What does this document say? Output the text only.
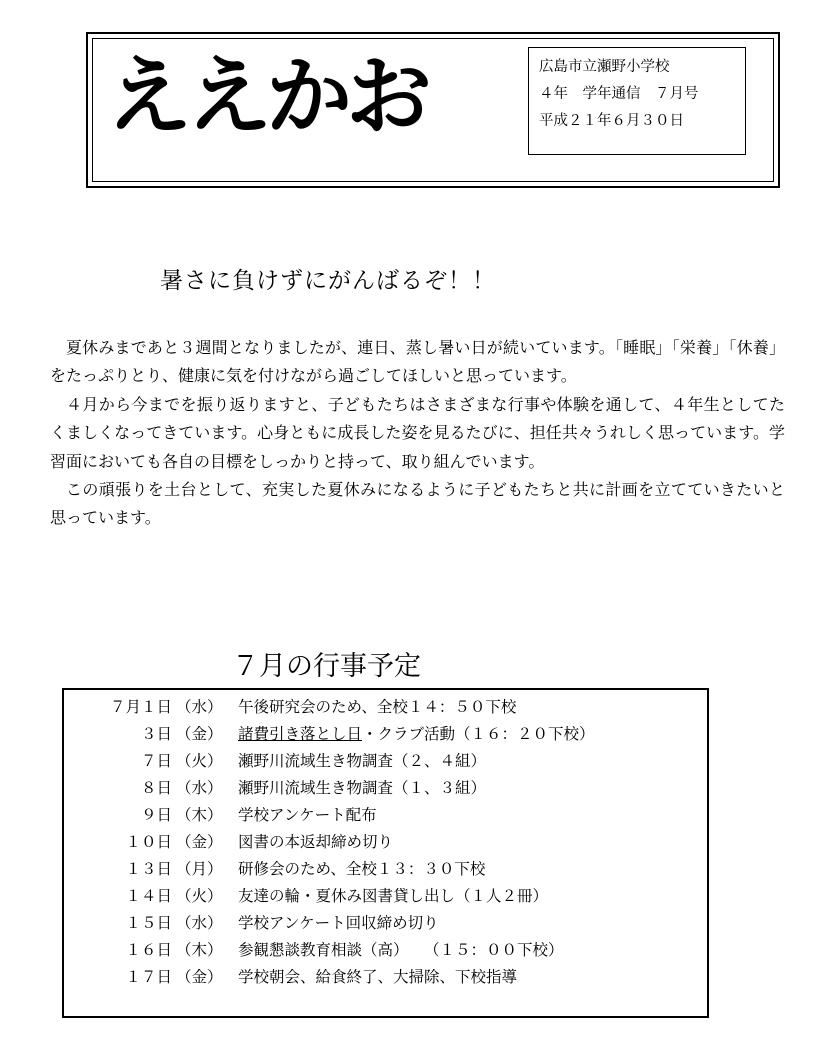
ええかお	広島市立瀬野小学校
４年　学年通信　７月号
平成２１年６月３０日
暑さに負けずにがんばるぞ！！

夏休みまであと３週間となりましたが、連日、蒸し暑い日が続いています。「睡眠」「栄養」「休養」をたっぷりとり、健康に気を付けながら過ごしてほしいと思っています。

４月から今までを振り返りますと、子どもたちはさまざまな行事や体験を通して、４年生としてたくましくなってきています。心身ともに成長した姿を見るたびに、担任共々うれしく思っています。学習面においても各自の目標をしっかりと持って、取り組んでいます。

この頑張りを土台として、充実した夏休みになるように子どもたちと共に計画を立てていきたいと思っています。

７月の行事予定
７月１日 （水） 午後研究会のため、全校１４：５０下校
３日 （金） 諸費引き落とし日・クラブ活動（１６：２０下校）
７日 （火） 瀬野川流域生き物調査（２、４組）
８日 （水） 瀬野川流域生き物調査（１、３組）
９日 （木） 学校アンケート配布
１０日 （金） 図書の本返却締め切り
１３日 （月） 研修会のため、全校１３：３０下校
１４日 （火） 友達の輪・夏休み図書貸し出し（１人２冊）
１５日 （水） 学校アンケート回収締め切り
１６日 （木） 参観懇談教育相談（高）　　（１５：００下校）
１７日 （金） 学校朝会、給食終了、大掃除、下校指導
